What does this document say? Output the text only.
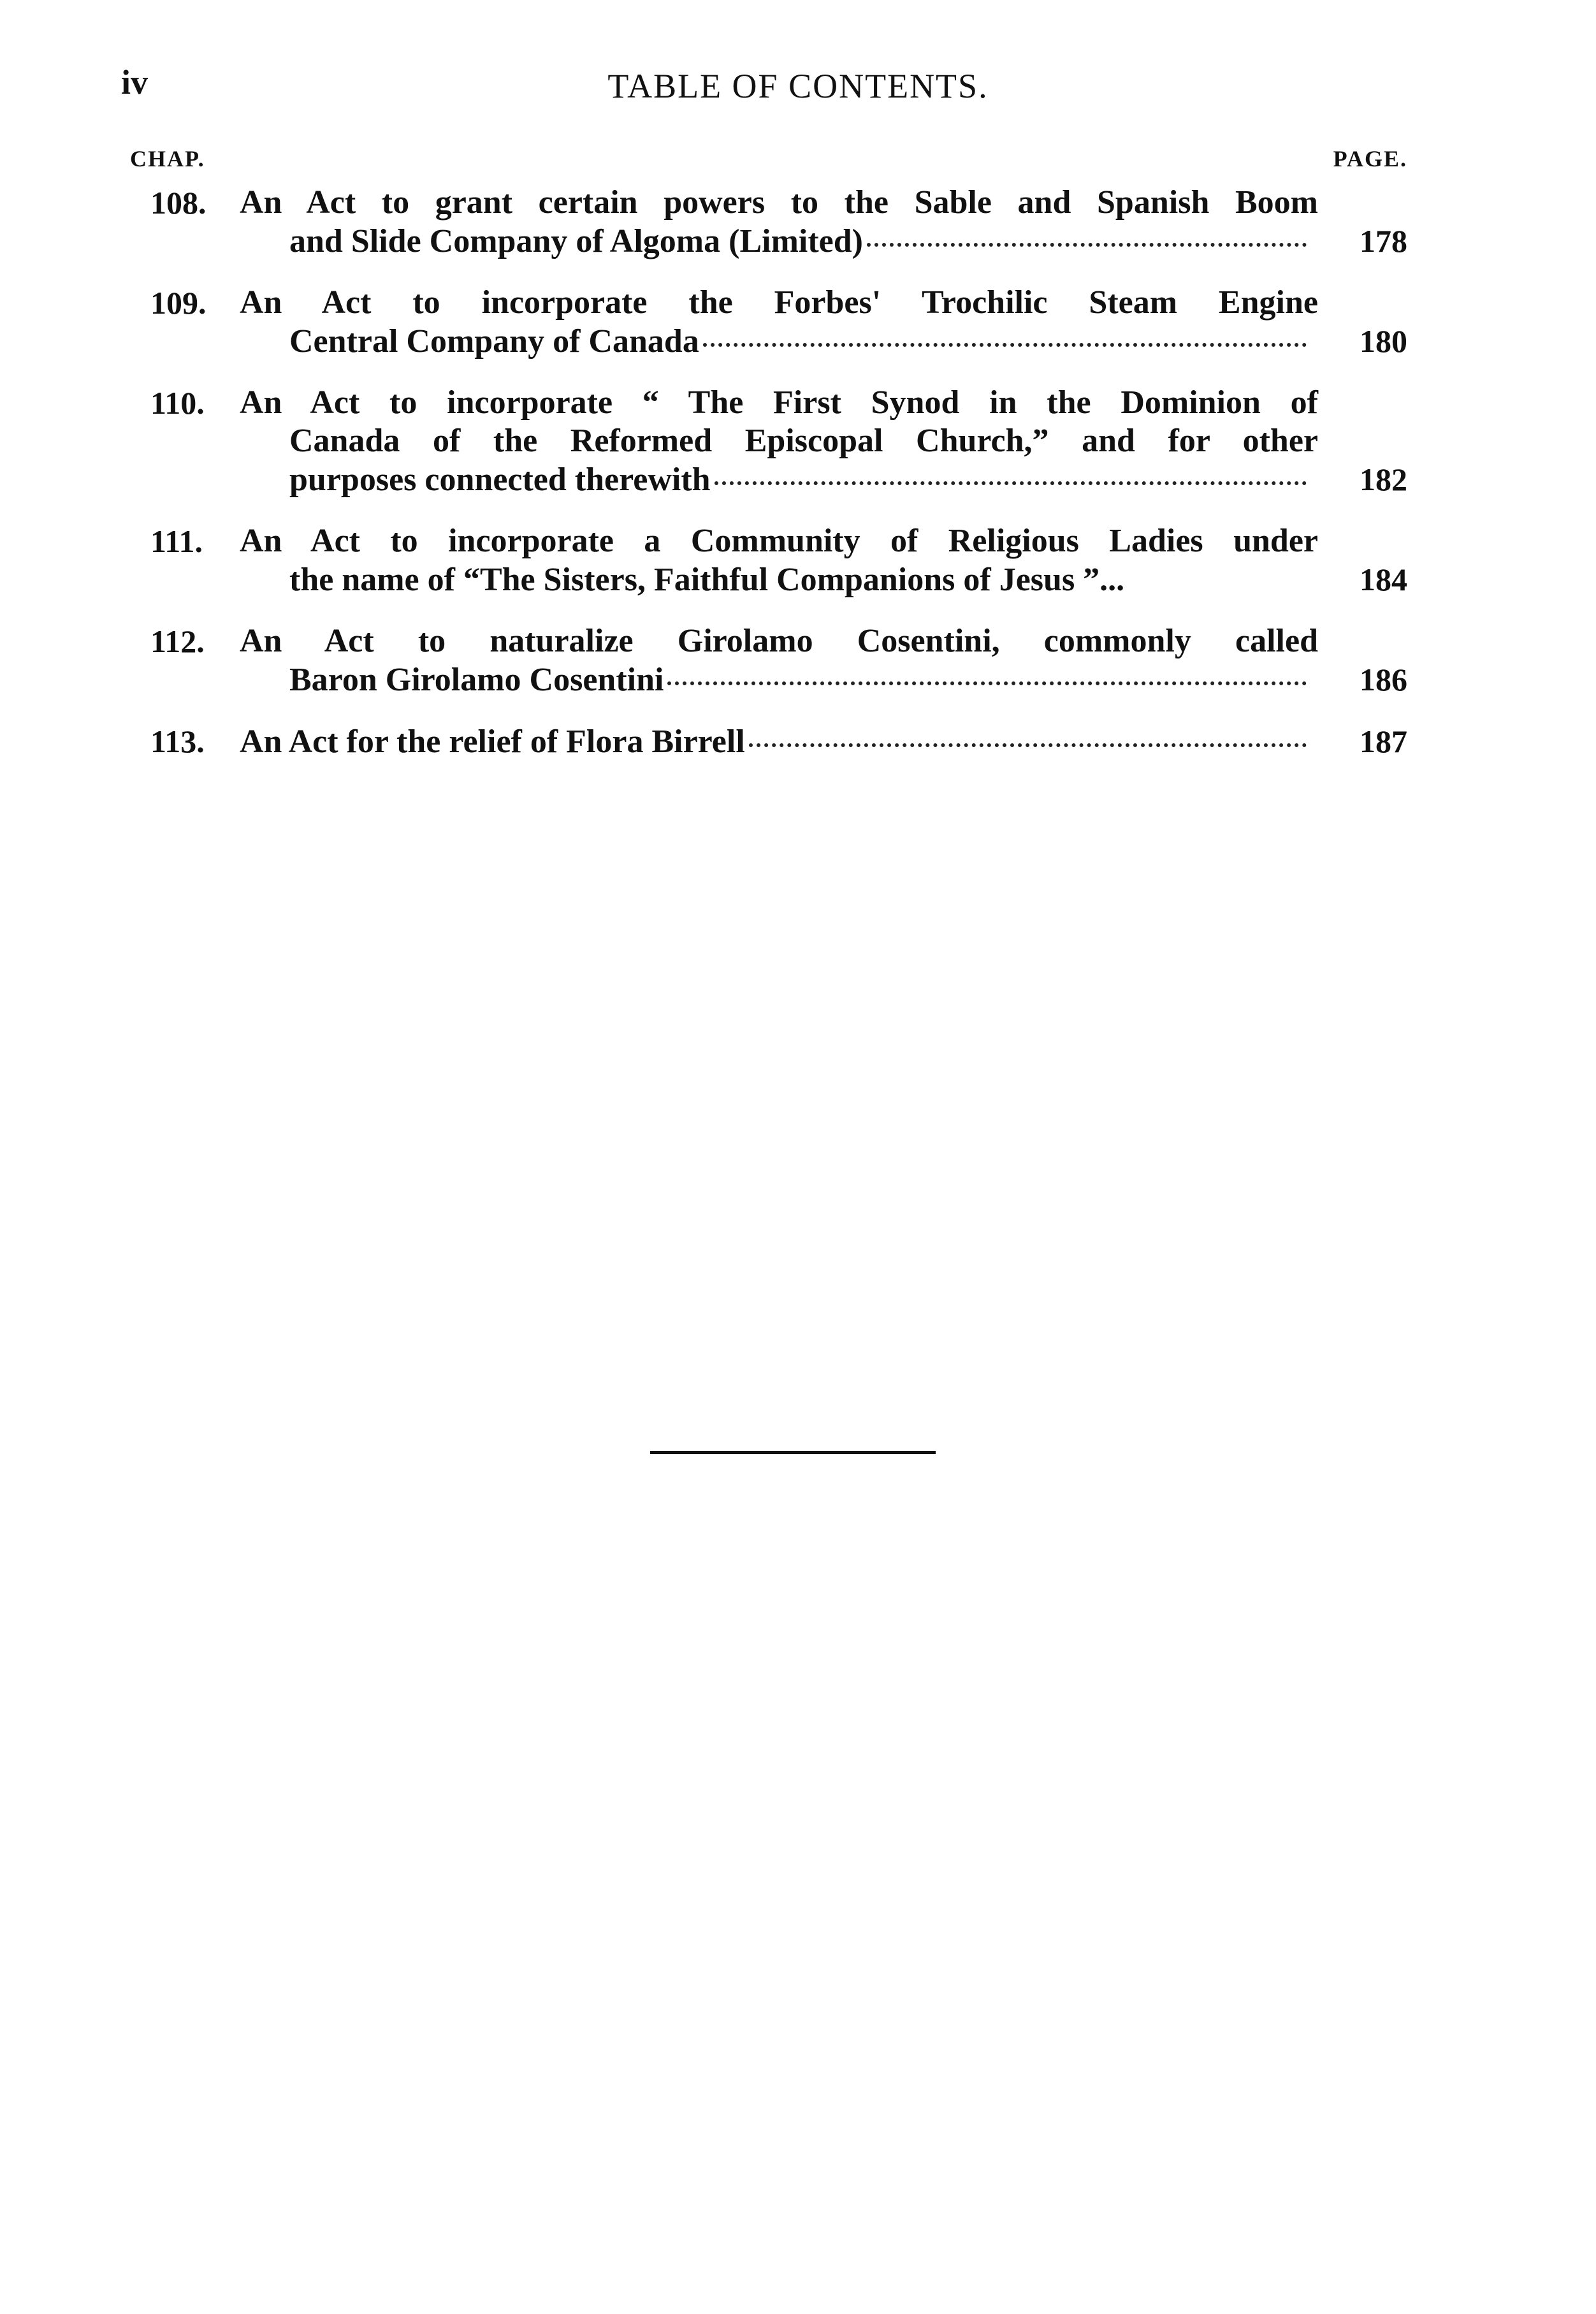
iv	TABLE OF CONTENTS.
CHAP.	PAGE.
108.	An Act to grant certain powers to the Sable and Spanish Boom
and Slide Company of Algoma (Limited)	178
109.	An Act to incorporate the Forbes' Trochilic Steam Engine
Central Company of Canada	180
110.	An Act to incorporate “ The First Synod in the Dominion of
Canada of the Reformed Episcopal Church,” and for other
purposes connected therewith	182
111.	An Act to incorporate a Community of Religious Ladies under
the name of “The Sisters, Faithful Companions of Jesus ”...	184
112.	An Act to naturalize Girolamo Cosentini, commonly called
Baron Girolamo Cosentini	186
113.	An Act for the relief of Flora Birrell	187
